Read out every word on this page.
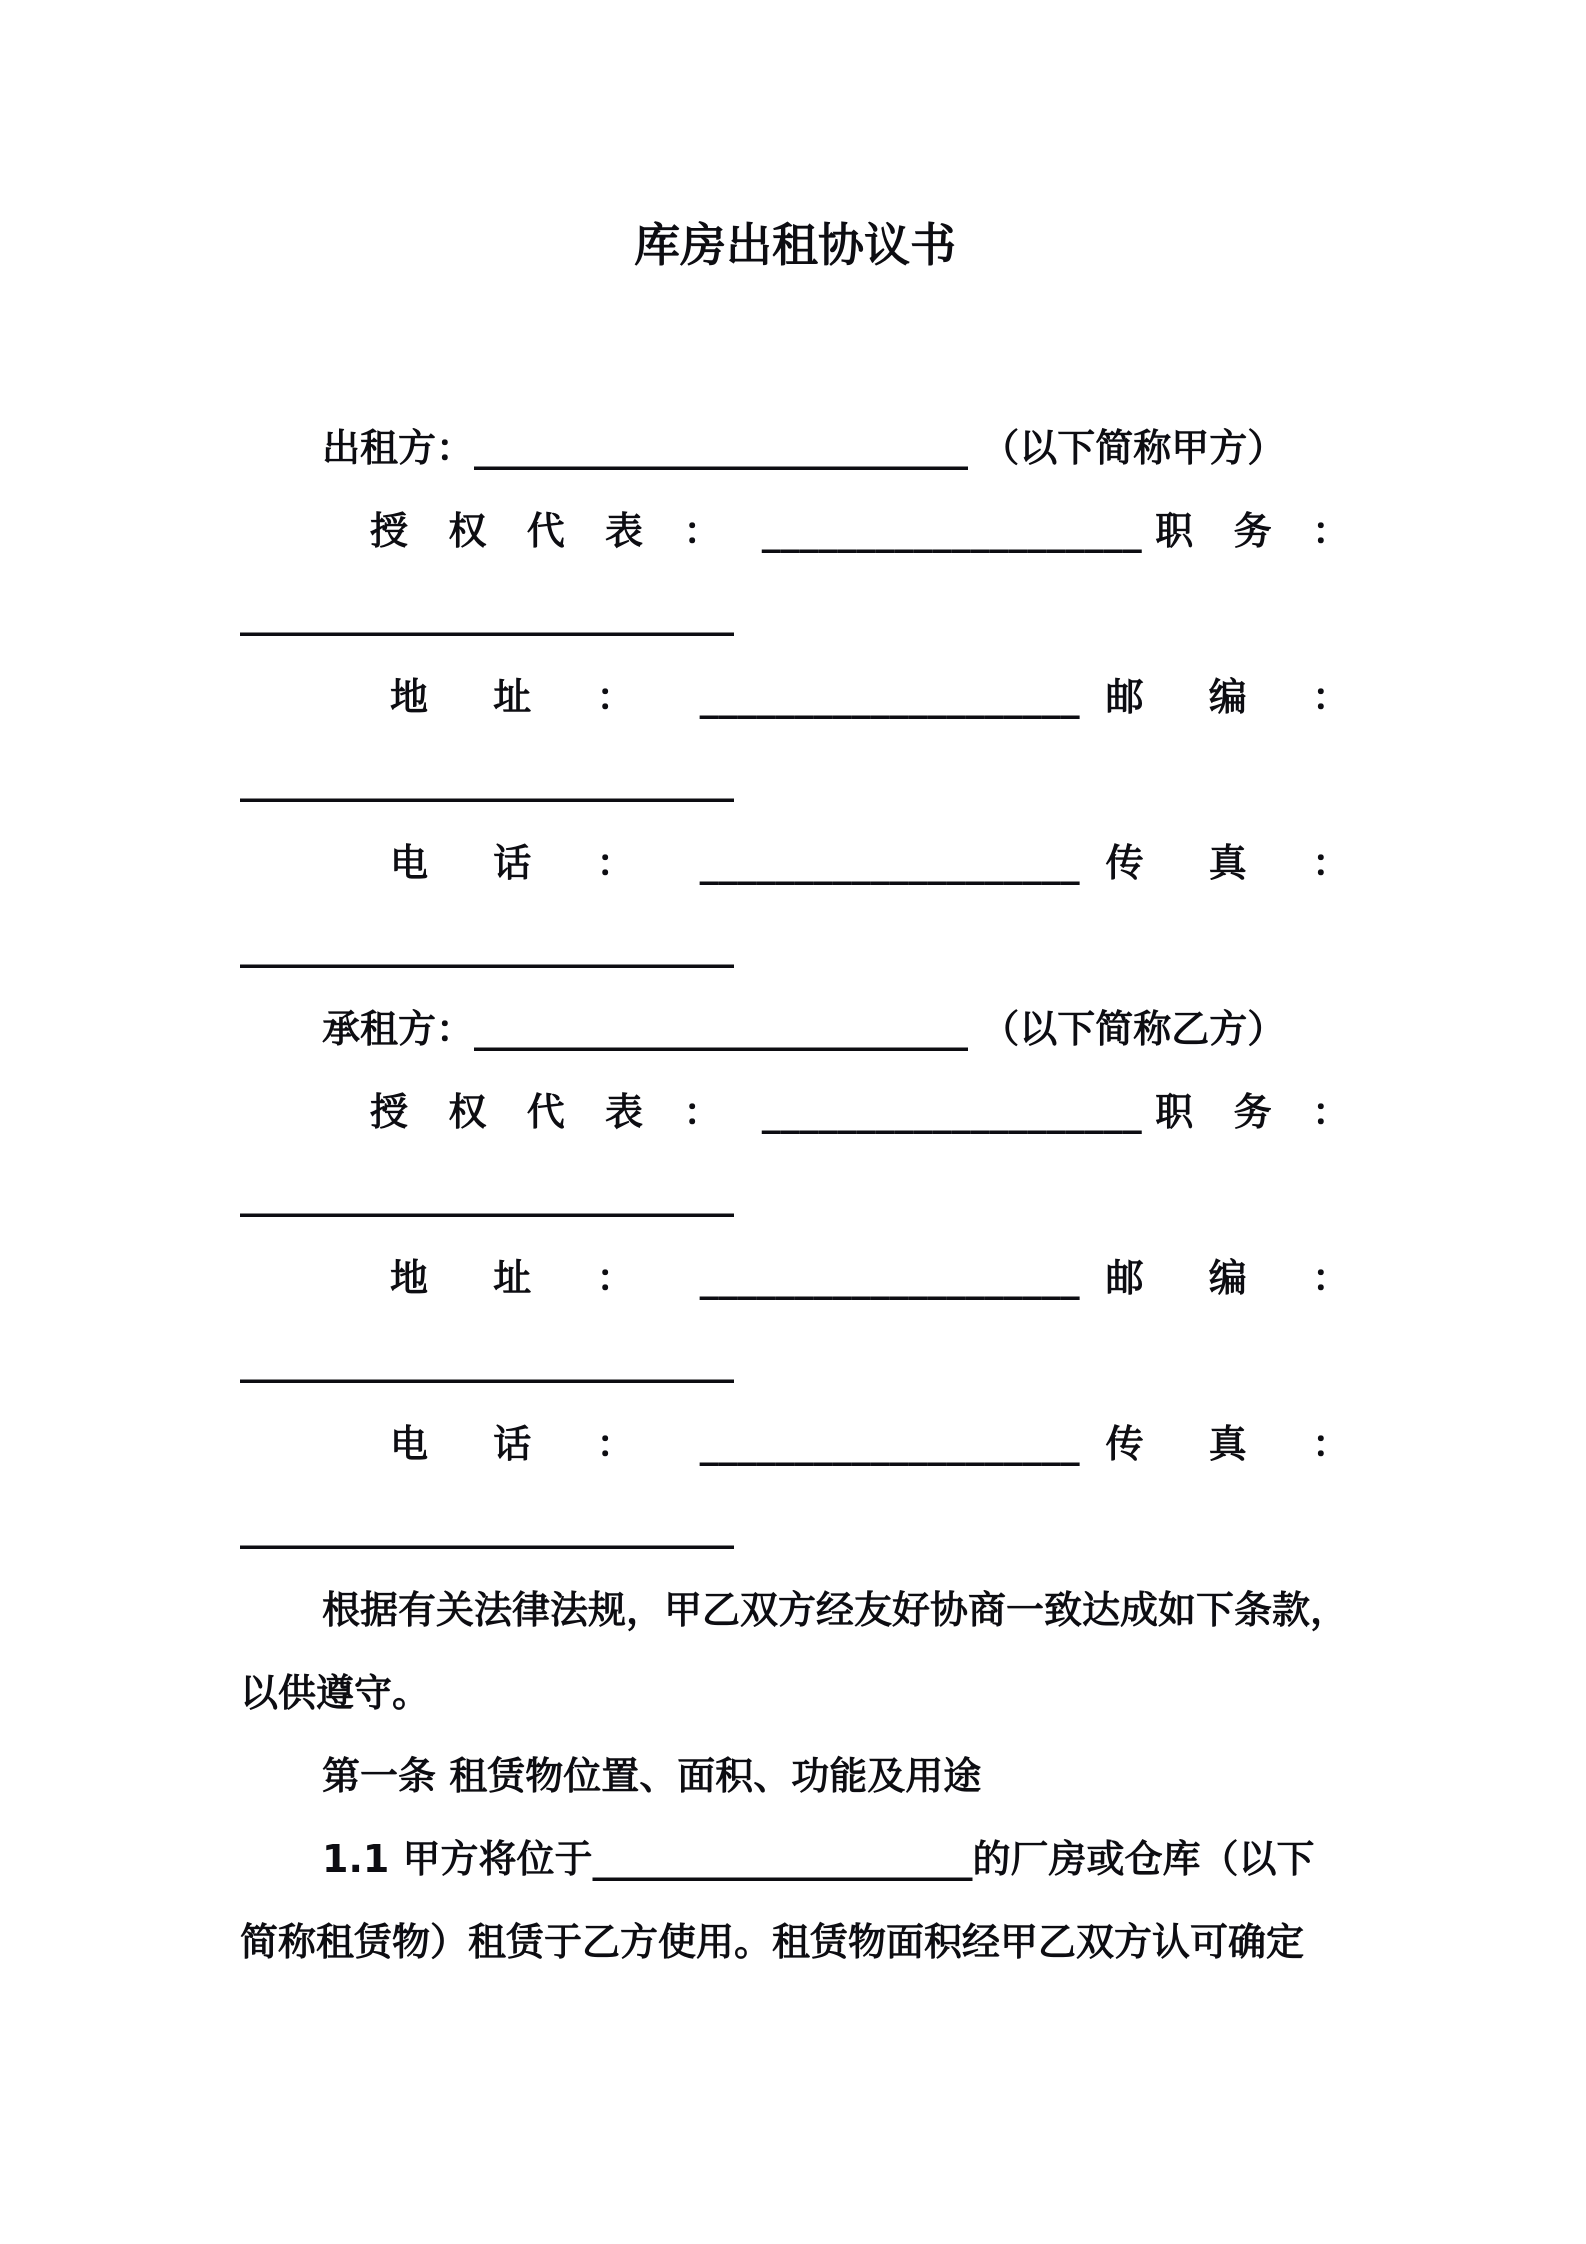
库房出租协议书

出租方：__________________________ （以下简称甲方）

授 权 代 表 ： ____________________职 务 ：

__________________________

地 址 ： ____________________邮 编 ：

__________________________

电 话 ： ____________________传 真 ：

__________________________

承租方：__________________________ （以下简称乙方）

授 权 代 表 ： ____________________职 务 ：

__________________________

地 址 ： ____________________邮 编 ：

__________________________

电 话 ： ____________________传 真 ：

__________________________

根据有关法律法规，甲乙双方经友好协商一致达成如下条款，

以供遵守。

第一条 租赁物位置、面积、功能及用途

1.1 甲方将位于____________________的厂房或仓库（以下

简称租赁物）租赁于乙方使用。租赁物面积经甲乙双方认可确定
